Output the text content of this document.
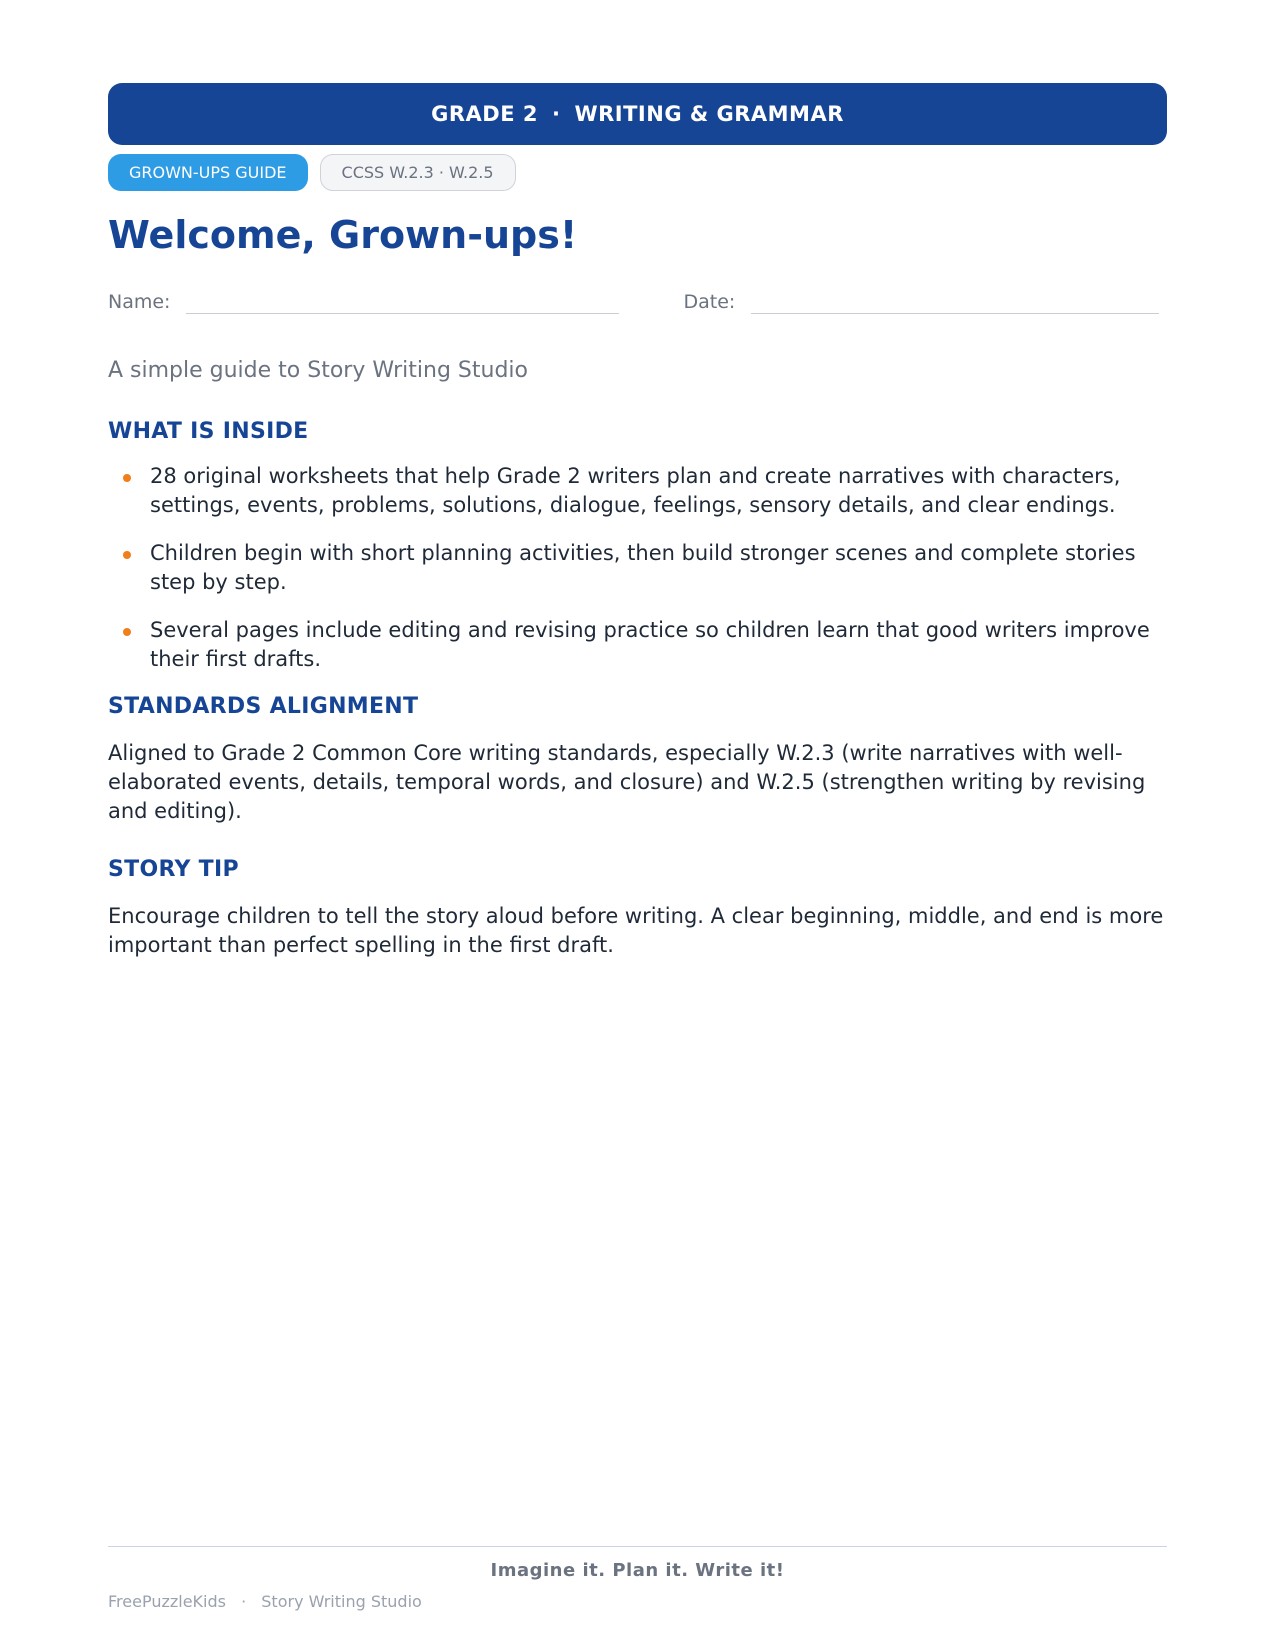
GRADE 2 · WRITING & GRAMMAR
GROWN-UPS GUIDE	CCSS W.2.3 · W.2.5
Welcome, Grown-ups!
Name:	Date:

A simple guide to Story Writing Studio

WHAT IS INSIDE
28 original worksheets that help Grade 2 writers plan and create narratives with characters, settings, events, problems, solutions, dialogue, feelings, sensory details, and clear endings.
Children begin with short planning activities, then build stronger scenes and complete stories step by step.
Several pages include editing and revising practice so children learn that good writers improve their first drafts.
STANDARDS ALIGNMENT

Aligned to Grade 2 Common Core writing standards, especially W.2.3 (write narratives with well-elaborated events, details, temporal words, and closure) and W.2.5 (strengthen writing by revising and editing).

STORY TIP

Encourage children to tell the story aloud before writing. A clear beginning, middle, and end is more important than perfect spelling in the first draft.

Imagine it. Plan it. Write it!
FreePuzzleKids · Story Writing Studio
